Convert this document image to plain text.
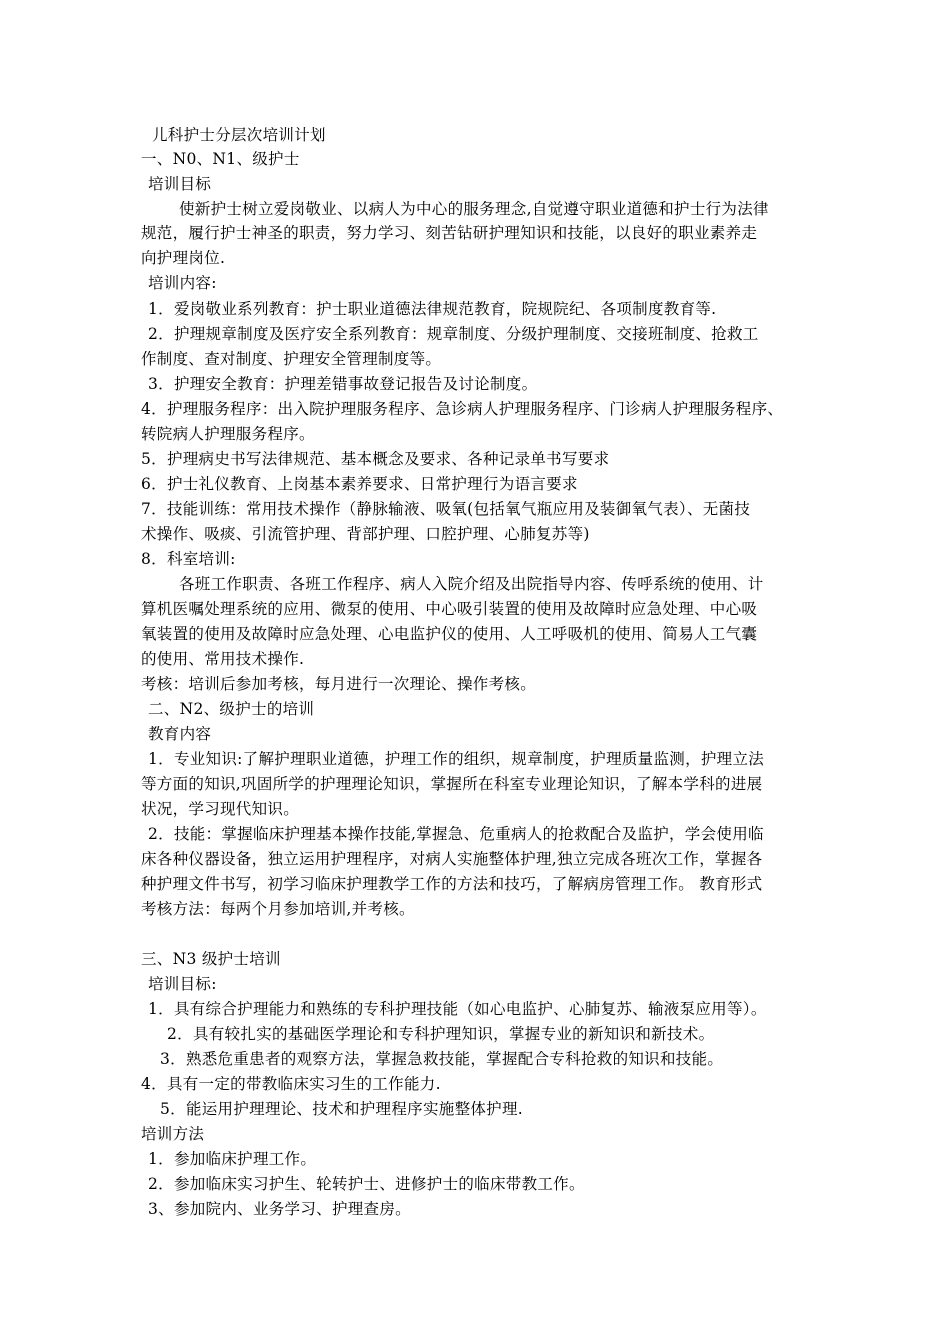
儿科护士分层次培训计划
一、N0、N1、级护士
培训目标
使新护士树立爱岗敬业、以病人为中心的服务理念,自觉遵守职业道德和护士行为法律
规范，履行护士神圣的职责，努力学习、刻苦钻研护理知识和技能，以良好的职业素养走
向护理岗位.
培训内容:
1．爱岗敬业系列教育：护士职业道德法律规范教育，院规院纪、各项制度教育等.
2．护理规章制度及医疗安全系列教育：规章制度、分级护理制度、交接班制度、抢救工
作制度、查对制度、护理安全管理制度等。
3．护理安全教育：护理差错事故登记报告及讨论制度。
4．护理服务程序：出入院护理服务程序、急诊病人护理服务程序、门诊病人护理服务程序、
转院病人护理服务程序。
5．护理病史书写法律规范、基本概念及要求、各种记录单书写要求
6．护士礼仪教育、上岗基本素养要求、日常护理行为语言要求
7．技能训练：常用技术操作（静脉输液、吸氧(包括氧气瓶应用及装御氧气表）、无菌技
术操作、吸痰、引流管护理、背部护理、口腔护理、心肺复苏等)
8．科室培训:
各班工作职责、各班工作程序、病人入院介绍及出院指导内容、传呼系统的使用、计
算机医嘱处理系统的应用、微泵的使用、中心吸引装置的使用及故障时应急处理、中心吸
氧装置的使用及故障时应急处理、心电监护仪的使用、人工呼吸机的使用、简易人工气囊
的使用、常用技术操作.
考核：培训后参加考核，每月进行一次理论、操作考核。
二、N2、级护士的培训
教育内容
1．专业知识:了解护理职业道德，护理工作的组织，规章制度，护理质量监测，护理立法
等方面的知识,巩固所学的护理理论知识，掌握所在科室专业理论知识，了解本学科的进展
状况，学习现代知识。
2．技能：掌握临床护理基本操作技能,掌握急、危重病人的抢救配合及监护，学会使用临
床各种仪器设备，独立运用护理程序，对病人实施整体护理,独立完成各班次工作，掌握各
种护理文件书写，初学习临床护理教学工作的方法和技巧，了解病房管理工作。 教育形式
考核方法：每两个月参加培训,并考核。
三、N3 级护士培训
培训目标:
1．具有综合护理能力和熟练的专科护理技能（如心电监护、心肺复苏、输液泵应用等）。
2．具有较扎实的基础医学理论和专科护理知识，掌握专业的新知识和新技术。
3．熟悉危重患者的观察方法，掌握急救技能，掌握配合专科抢救的知识和技能。
4．具有一定的带教临床实习生的工作能力.
5．能运用护理理论、技术和护理程序实施整体护理.
培训方法
1．参加临床护理工作。
2．参加临床实习护生、轮转护士、进修护士的临床带教工作。
3、参加院内、业务学习、护理查房。
